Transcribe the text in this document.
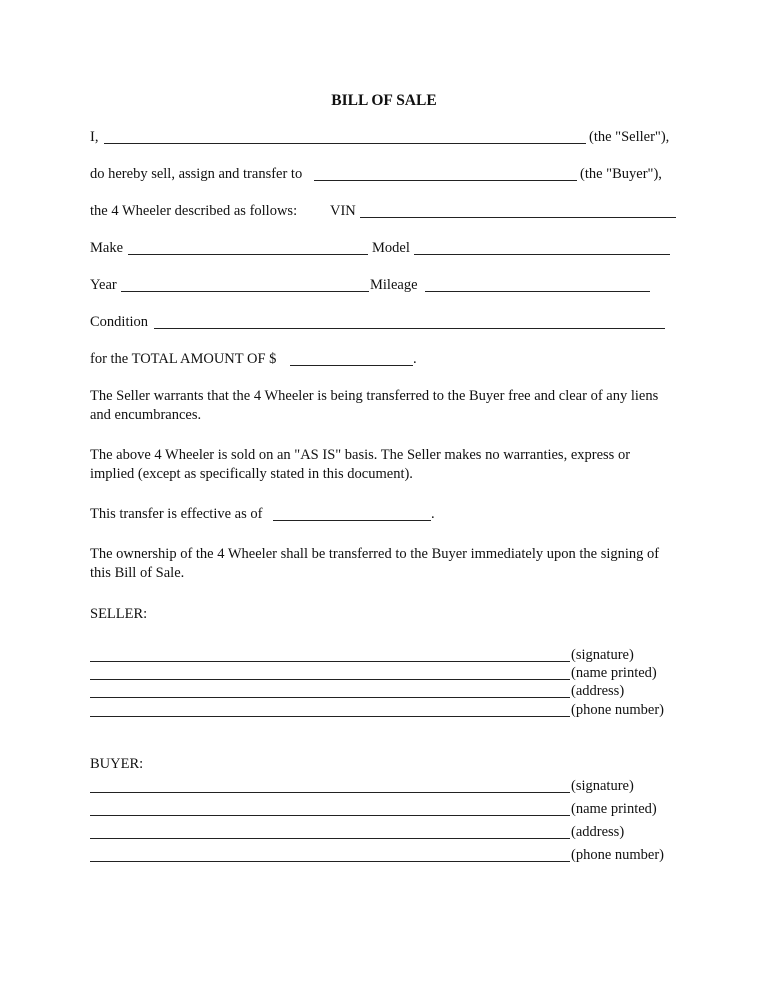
BILL OF SALE
I,	(the "Seller"),
do hereby sell, assign and transfer to	(the "Buyer"),
the 4 Wheeler described as follows: VIN
Make	Model
Year	Mileage
Condition
for the TOTAL AMOUNT OF $	.
The Seller warrants that the 4 Wheeler is being transferred to the Buyer free and clear of any liens and encumbrances.
The above 4 Wheeler is sold on an "AS IS" basis. The Seller makes no warranties, express or implied (except as specifically stated in this document).
This transfer is effective as of	.
The ownership of the 4 Wheeler shall be transferred to the Buyer immediately upon the signing of this Bill of Sale.
SELLER:
(signature)
(name printed)
(address)
(phone number)
BUYER:
(signature)
(name printed)
(address)
(phone number)
